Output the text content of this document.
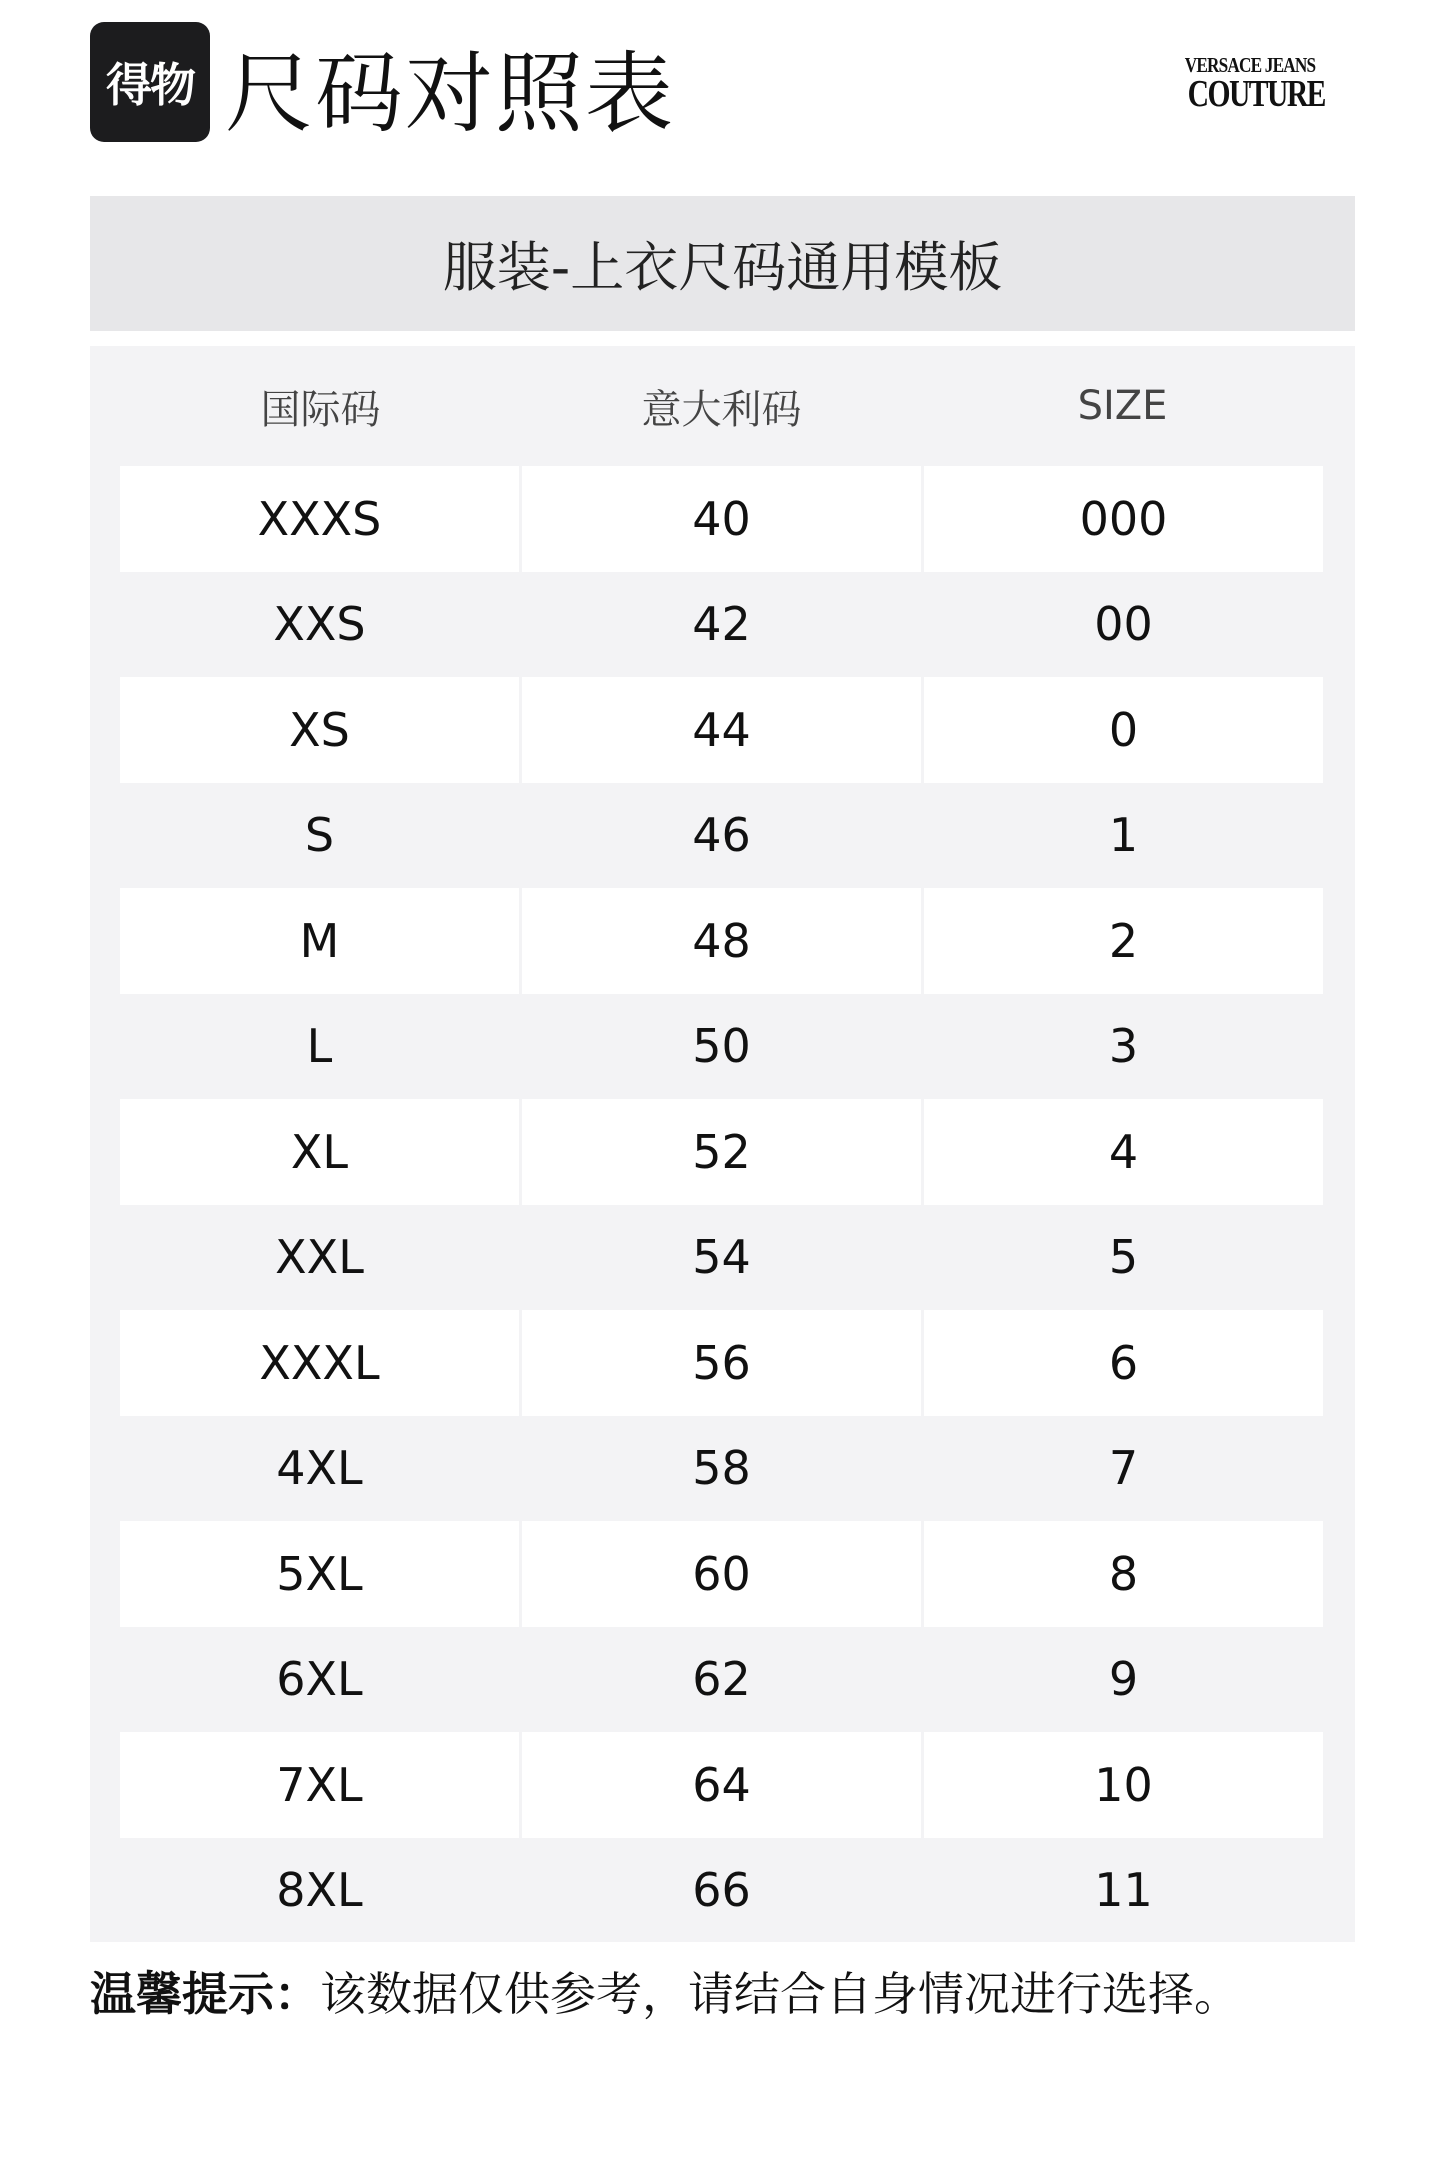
得物 尺码对照表	VERSACE JEANS
COUTURE
服装-上衣尺码通用模板
国际码	意大利码	SIZE
XXXS	40	000
XXS	42	00
XS	44	0
S	46	1
M	48	2
L	50	3
XL	52	4
XXL	54	5
XXXL	56	6
4XL	58	7
5XL	60	8
6XL	62	9
7XL	64	10
8XL	66	11
温馨提示：该数据仅供参考，请结合自身情况进行选择。
